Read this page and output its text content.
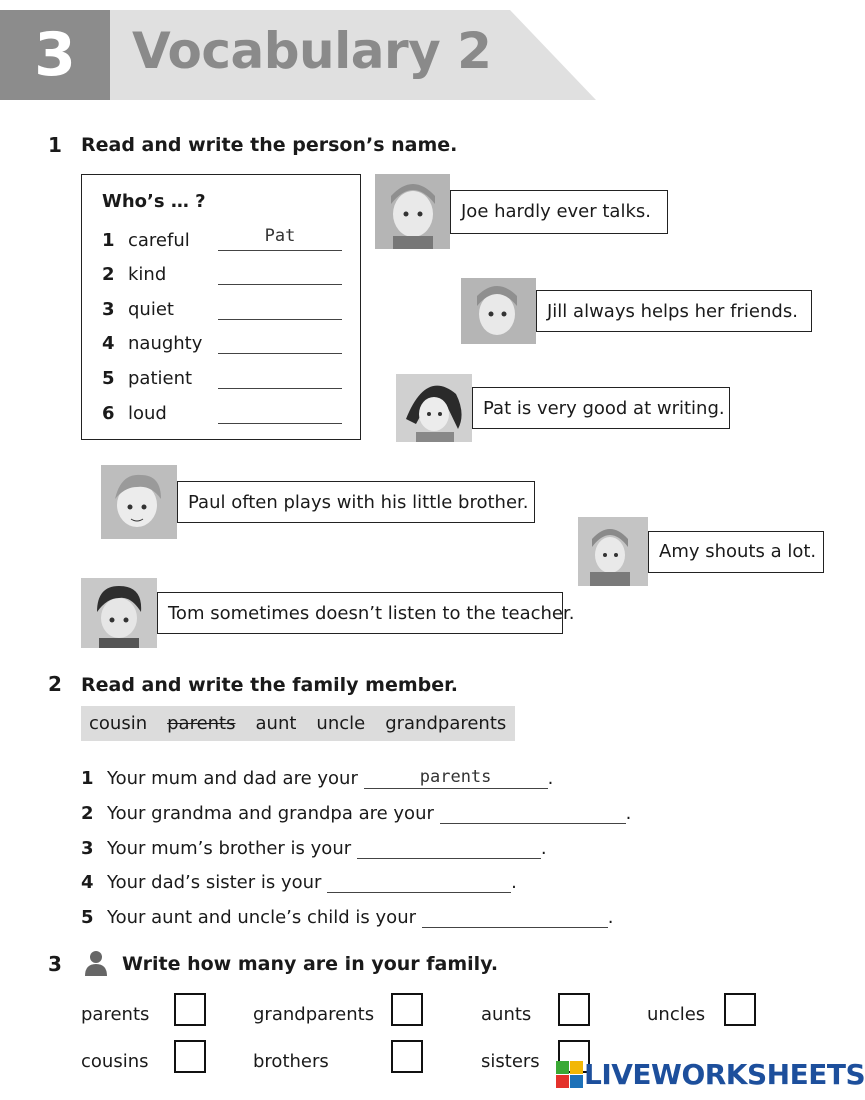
3	Vocabulary 2
1 Read and write the person’s name.
Who’s … ?
1 careful	Pat
2 kind
3 quiet
4 naughty
5 patient
6 loud
Joe hardly ever talks.
Jill always helps her friends.
Pat is very good at writing.
Paul often plays with his little brother.
Amy shouts a lot.
Tom sometimes doesn’t listen to the teacher.
2 Read and write the family member.
cousin parents aunt uncle grandparents
1 Your mum and dad are your	parents	.
2 Your grandma and grandpa are your	.
3 Your mum’s brother is your	.
4 Your dad’s sister is your	.
5 Your aunt and uncle’s child is your	.
3	Write how many are in your family.
parents	grandparents	aunts	uncles
cousins	brothers	sisters LIVEWORKSHEETS
